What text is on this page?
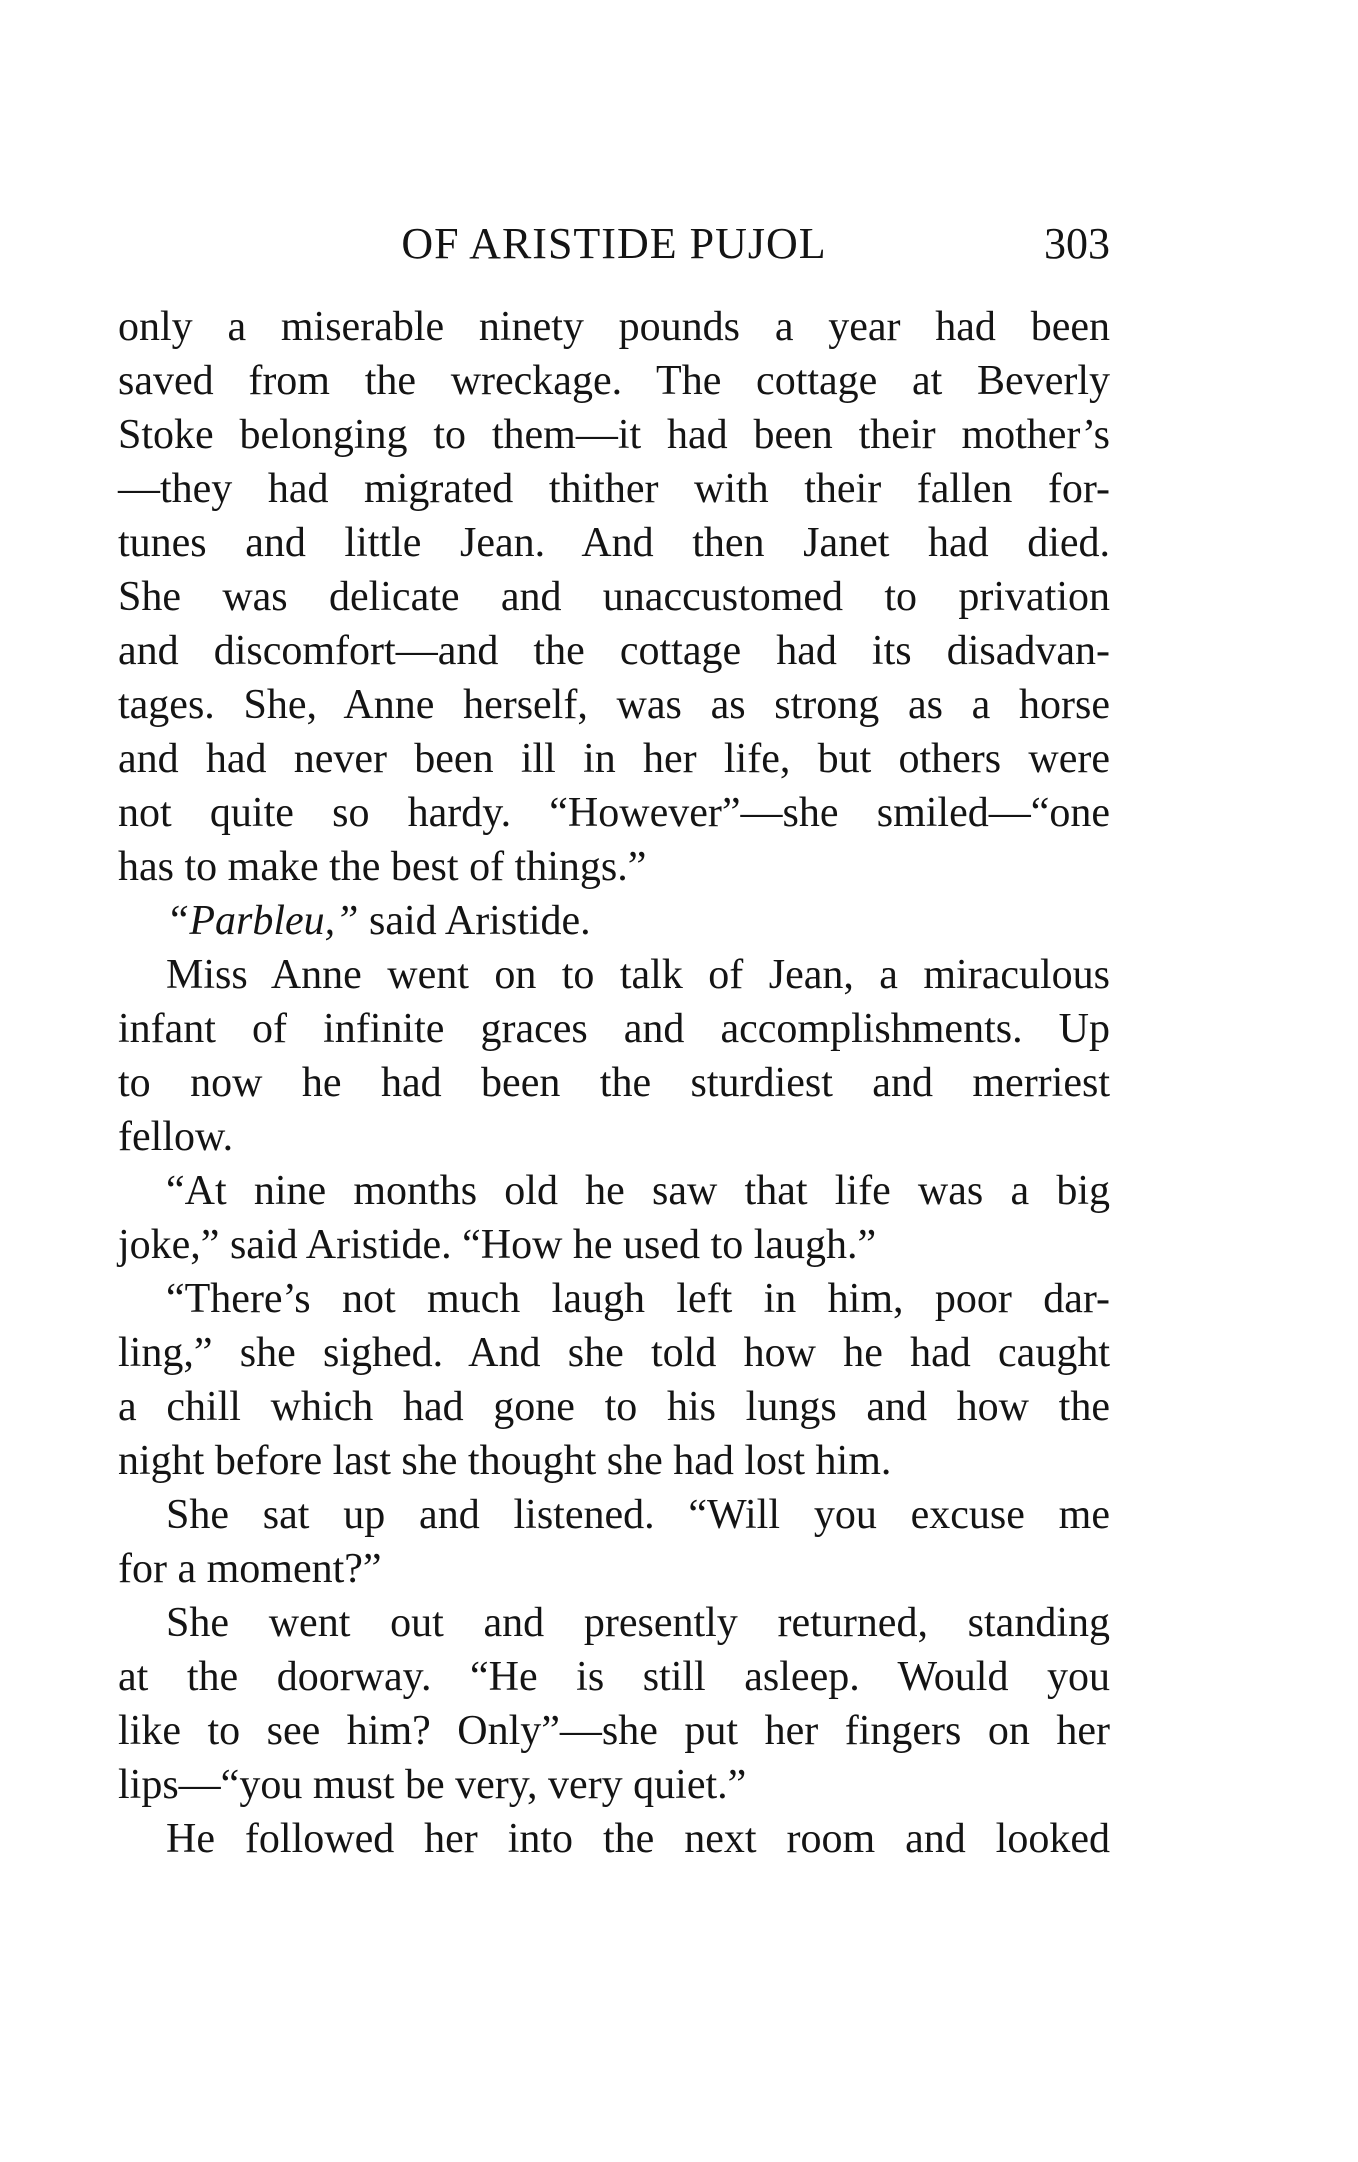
OF ARISTIDE PUJOL	303
only a miserable ninety pounds a year had been
saved from the wreckage. The cottage at Beverly
Stoke belonging to them—it had been their mother’s
—they had migrated thither with their fallen for-
tunes and little Jean. And then Janet had died.
She was delicate and unaccustomed to privation
and discomfort—and the cottage had its disadvan-
tages. She, Anne herself, was as strong as a horse
and had never been ill in her life, but others were
not quite so hardy. “However”—she smiled—“one
has to make the best of things.”
“Parbleu,” said Aristide.
Miss Anne went on to talk of Jean, a miraculous
infant of infinite graces and accomplishments. Up
to now he had been the sturdiest and merriest
fellow.
“At nine months old he saw that life was a big
joke,” said Aristide. “How he used to laugh.”
“There’s not much laugh left in him, poor dar-
ling,” she sighed. And she told how he had caught
a chill which had gone to his lungs and how the
night before last she thought she had lost him.
She sat up and listened. “Will you excuse me
for a moment?”
She went out and presently returned, standing
at the doorway. “He is still asleep. Would you
like to see him? Only”—she put her fingers on her
lips—“you must be very, very quiet.”
He followed her into the next room and looked
